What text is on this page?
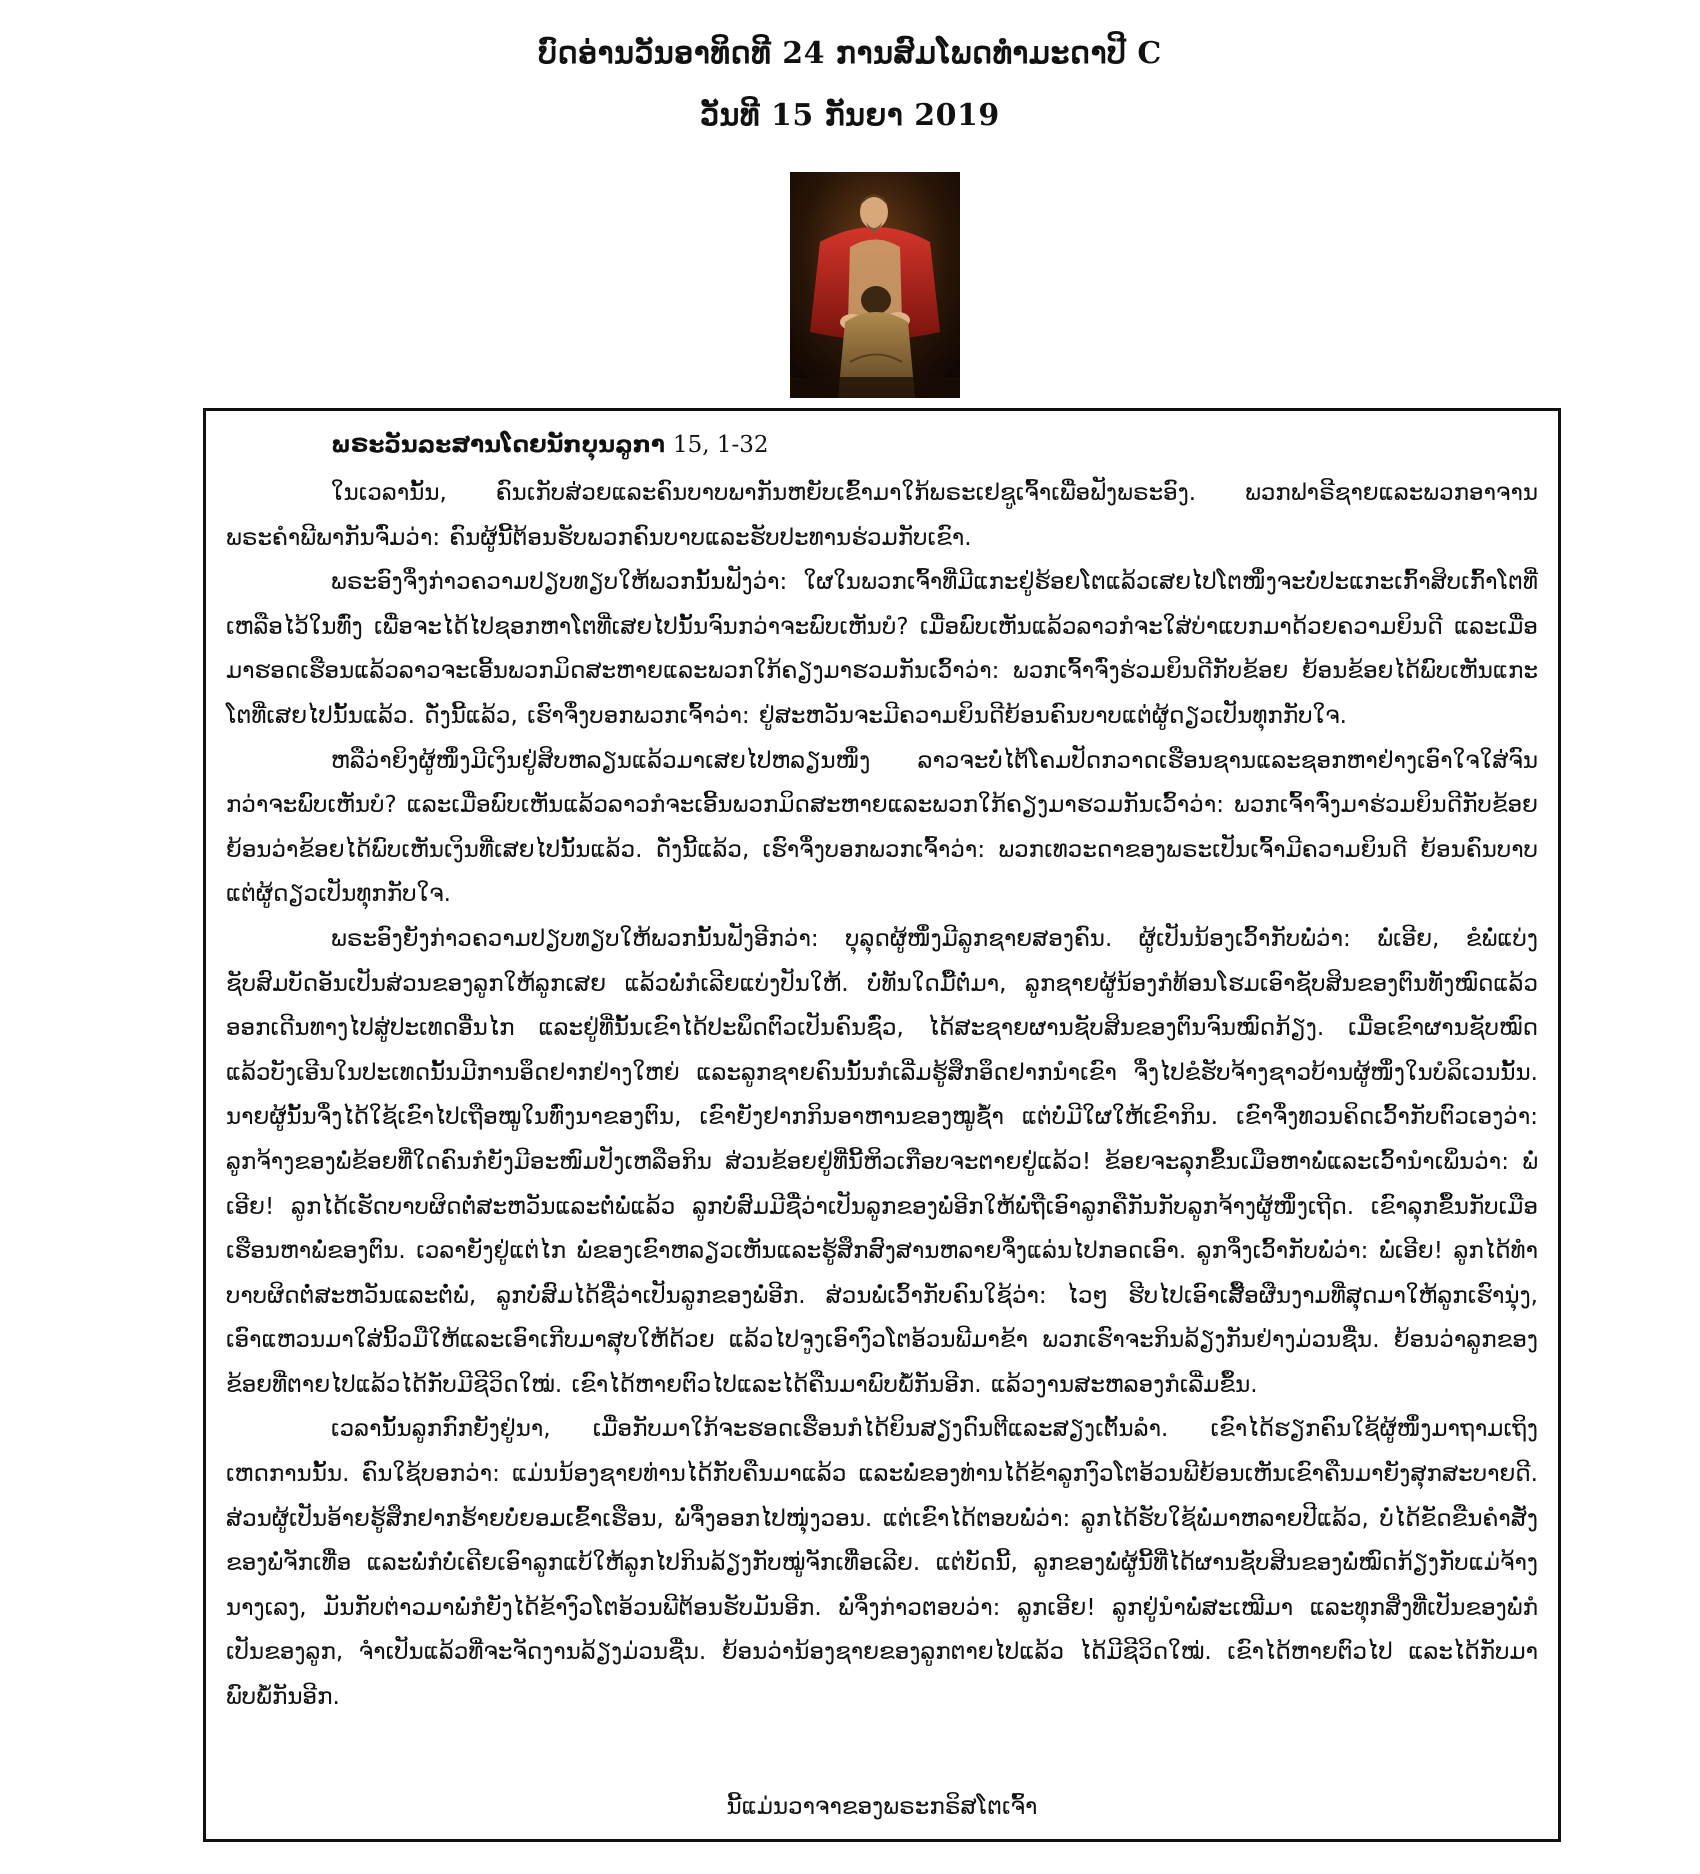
ບົດອ່ານວັນອາທິດທີ 24 ການສົມໂພດທຳມະດາປີ C
ວັນທີ 15 ກັນຍາ 2019
ພຣະວັນລະສານໂດຍນັກບຸນລູກາ 15, 1-32

ໃນເວລານັ້ນ, ຄົນເກັບສ່ວຍແລະຄົນບາບພາກັນຫຍັບເຂົ້າມາໃກ້ພຣະເຢຊູເຈົ້າເພື່ອຟັງພຣະອົງ. ພວກຟາຣີຊາຍແລະພວກອາຈານພຣະຄຳພີພາກັນຈົ່ມວ່າ: ຄົນຜູ້ນີ້ຕ້ອນຮັບພວກຄົນບາບແລະຮັບປະທານຮ່ວມກັບເຂົາ.

ພຣະອົງຈຶ່ງກ່າວຄວາມປຽບທຽບໃຫ້ພວກນັ້ນຟັງວ່າ: ໃຜໃນພວກເຈົ້າທີ່ມີແກະຢູ່ຮ້ອຍໂຕແລ້ວເສຍໄປໂຕໜຶ່ງຈະບໍ່ປະແກະເກົ້າສິບເກົ້າໂຕທີ່ເຫລືອໄວ້ໃນທົ່ງ ເພື່ອຈະໄດ້ໄປຊອກຫາໂຕທີ່ເສຍໄປນັ້ນຈົນກວ່າຈະພົບເຫັນບໍ? ເມື່ອພົບເຫັນແລ້ວລາວກໍຈະໃສ່ບ່າແບກມາດ້ວຍຄວາມຍິນດີ ແລະເມື່ອມາຮອດເຮືອນແລ້ວລາວຈະເອີ້ນພວກມິດສະຫາຍແລະພວກໃກ້ຄຽງມາຮວມກັນເວົ້າວ່າ: ພວກເຈົ້າຈົ່ງຮ່ວມຍິນດີກັບຂ້ອຍ ຍ້ອນຂ້ອຍໄດ້ພົບເຫັນແກະໂຕທີ່ເສຍໄປນັ້ນແລ້ວ. ດັ່ງນີ້ແລ້ວ, ເຮົາຈຶ່ງບອກພວກເຈົ້າວ່າ: ຢູ່ສະຫວັນຈະມີຄວາມຍິນດີຍ້ອນຄົນບາບແຕ່ຜູ້ດຽວເປັນທຸກກັບໃຈ.

ຫລືວ່າຍິງຜູ້ໜຶ່ງມີເງິນຢູ່ສິບຫລຽນແລ້ວມາເສຍໄປຫລຽນໜຶ່ງ ລາວຈະບໍ່ໄຕ້ໂຄມປັດກວາດເຮືອນຊານແລະຊອກຫາຢ່າງເອົາໃຈໃສ່ຈົນກວ່າຈະພົບເຫັນບໍ? ແລະເມື່ອພົບເຫັນແລ້ວລາວກໍຈະເອີ້ນພວກມິດສະຫາຍແລະພວກໃກ້ຄຽງມາຮວມກັນເວົ້າວ່າ: ພວກເຈົ້າຈົ່ງມາຮ່ວມຍິນດີກັບຂ້ອຍ ຍ້ອນວ່າຂ້ອຍໄດ້ພົບເຫັນເງິນທີ່ເສຍໄປນັ້ນແລ້ວ. ດັ່ງນີ້ແລ້ວ, ເຮົາຈຶ່ງບອກພວກເຈົ້າວ່າ: ພວກເທວະດາຂອງພຣະເປັນເຈົ້າມີຄວາມຍິນດີ ຍ້ອນຄົນບາບແຕ່ຜູ້ດຽວເປັນທຸກກັບໃຈ.

ພຣະອົງຍັງກ່າວຄວາມປຽບທຽບໃຫ້ພວກນັ້ນຟັງອີກວ່າ: ບຸລຸດຜູ້ໜຶ່ງມີລູກຊາຍສອງຄົນ. ຜູ້ເປັນນ້ອງເວົ້າກັບພໍ່ວ່າ: ພໍ່ເອີຍ, ຂໍພໍ່ແບ່ງຊັບສົມບັດອັນເປັນສ່ວນຂອງລູກໃຫ້ລູກເສຍ ແລ້ວພໍ່ກໍເລີຍແບ່ງປັນໃຫ້. ບໍ່ທັນໃດມື້ຕໍ່ມາ, ລູກຊາຍຜູ້ນ້ອງກໍທ້ອນໂຮມເອົາຊັບສິນຂອງຕົນທັງໝົດແລ້ວອອກເດີນທາງໄປສູ່ປະເທດອື່ນໄກ ແລະຢູ່ທີ່ນັ້ນເຂົາໄດ້ປະພຶດຕົວເປັນຄົນຊົ່ວ, ໄດ້ສະຊາຍຜານຊັບສິນຂອງຕົນຈົນໝົດກ້ຽງ. ເມື່ອເຂົາຜານຊັບໝົດແລ້ວບັງເອີນໃນປະເທດນັ້ນມີການອຶດຢາກຢ່າງໃຫຍ່ ແລະລູກຊາຍຄົນນັ້ນກໍເລີ່ມຮູ້ສຶກອຶດຢາກນຳເຂົາ ຈຶ່ງໄປຂໍຮັບຈ້າງຊາວບ້ານຜູ້ໜຶ່ງໃນບໍລິເວນນັ້ນ. ນາຍຜູ້ນັ້ນຈຶ່ງໄດ້ໃຊ້ເຂົາໄປເຖືອໝູໃນທົ່ງນາຂອງຕົນ, ເຂົາຍັງຢາກກິນອາຫານຂອງໝູຊ້ຳ ແຕ່ບໍ່ມີໃຜໃຫ້ເຂົາກິນ. ເຂົາຈຶ່ງທວນຄິດເວົ້າກັບຕົວເອງວ່າ: ລູກຈ້າງຂອງພໍ່ຂ້ອຍທີ່ໃດຄົນກໍຍັງມີອະໜົມປັງເຫລືອກິນ ສ່ວນຂ້ອຍຢູ່ທີ່ນີ້ຫິວເກືອບຈະຕາຍຢູ່ແລ້ວ! ຂ້ອຍຈະລຸກຂຶ້ນເມືອຫາພໍ່ແລະເວົ້ານຳເພິ່ນວ່າ: ພໍ່ເອີຍ! ລູກໄດ້ເຮັດບາບຜິດຕໍ່ສະຫວັນແລະຕໍ່ພໍ່ແລ້ວ ລູກບໍ່ສົມມີຊື່ວ່າເປັນລູກຂອງພໍ່ອີກໃຫ້ພໍ່ຖືເອົາລູກຄືກັນກັບລູກຈ້າງຜູ້ໜຶ່ງເຖີດ. ເຂົາລຸກຂຶ້ນກັບເມືອເຮືອນຫາພໍ່ຂອງຕົນ. ເວລາຍັງຢູ່ແຕ່ໄກ ພໍ່ຂອງເຂົາຫລຽວເຫັນແລະຮູ້ສຶກສົງສານຫລາຍຈຶ່ງແລ່ນໄປກອດເອົາ. ລູກຈຶ່ງເວົ້າກັບພໍ່ວ່າ: ພໍ່ເອີຍ! ລູກໄດ້ທຳບາບຜິດຕໍ່ສະຫວັນແລະຕໍ່ພໍ່, ລູກບໍ່ສົມໄດ້ຊື່ວ່າເປັນລູກຂອງພໍ່ອີກ. ສ່ວນພໍ່ເວົ້າກັບຄົນໃຊ້ວ່າ: ໄວໆ ຮີບໄປເອົາເສື້ອຜືນງາມທີ່ສຸດມາໃຫ້ລູກເຮົານຸ່ງ, ເອົາແຫວນມາໃສ່ນິ້ວມືໃຫ້ແລະເອົາເກີບມາສຸບໃຫ້ດ້ວຍ ແລ້ວໄປຈູງເອົາງົວໂຕອ້ວນພີມາຂ້າ ພວກເຮົາຈະກິນລ້ຽງກັນຢ່າງມ່ວນຊື່ນ. ຍ້ອນວ່າລູກຂອງຂ້ອຍທີ່ຕາຍໄປແລ້ວໄດ້ກັບມີຊີວິດໃໝ່. ເຂົາໄດ້ຫາຍຕົວໄປແລະໄດ້ຄືນມາພົບພໍ້ກັນອີກ. ແລ້ວງານສະຫລອງກໍເລີ່ມຂຶ້ນ.

ເວລານັ້ນລູກກົກຍັງຢູ່ນາ, ເມື່ອກັບມາໃກ້ຈະຮອດເຮືອນກໍໄດ້ຍິນສຽງດົນຕີແລະສຽງເຕັ້ນລຳ. ເຂົາໄດ້ຮຽກຄົນໃຊ້ຜູ້ໜຶ່ງມາຖາມເຖິງເຫດການນັ້ນ. ຄົນໃຊ້ບອກວ່າ: ແມ່ນນ້ອງຊາຍທ່ານໄດ້ກັບຄືນມາແລ້ວ ແລະພໍ່ຂອງທ່ານໄດ້ຂ້າລູກງົວໂຕອ້ວນພີຍ້ອນເຫັນເຂົາຄືນມາຍັງສຸກສະບາຍດີ. ສ່ວນຜູ້ເປັນອ້າຍຮູ້ສຶກຢາກຮ້າຍບໍ່ຍອມເຂົ້າເຮືອນ, ພໍ່ຈຶ່ງອອກໄປໜຸ່ງວອນ. ແຕ່ເຂົາໄດ້ຕອບພໍ່ວ່າ: ລູກໄດ້ຮັບໃຊ້ພໍ່ມາຫລາຍປີແລ້ວ, ບໍ່ໄດ້ຂັດຂືນຄຳສັ່ງຂອງພໍ່ຈັກເທື່ອ ແລະພໍ່ກໍບໍ່ເຄີຍເອົາລູກແບ້ໃຫ້ລູກໄປກິນລ້ຽງກັບໝູ່ຈັກເທື່ອເລີຍ. ແຕ່ບັດນີ້, ລູກຂອງພໍ່ຜູ້ນີ້ທີ່ໄດ້ຜານຊັບສິນຂອງພໍ່ໝົດກ້ຽງກັບແມ່ຈ້າງນາງເລງ, ມັນກັບຕ່າວມາພໍ່ກໍຍັງໄດ້ຂ້າງົວໂຕອ້ວນພີຕ້ອນຮັບມັນອີກ. ພໍ່ຈຶ່ງກ່າວຕອບວ່າ: ລູກເອີຍ! ລູກຢູ່ນຳພໍ່ສະເໝີມາ ແລະທຸກສິ່ງທີ່ເປັນຂອງພໍ່ກໍເປັນຂອງລູກ, ຈຳເປັນແລ້ວທີ່ຈະຈັດງານລ້ຽງມ່ວນຊື່ນ. ຍ້ອນວ່ານ້ອງຊາຍຂອງລູກຕາຍໄປແລ້ວ ໄດ້ມີຊີວິດໃໝ່. ເຂົາໄດ້ຫາຍຕົວໄປ ແລະໄດ້ກັບມາພົບພໍ້ກັນອີກ.

ນີ້ແມ່ນວາຈາຂອງພຣະກຣິສໂຕເຈົ້າ
